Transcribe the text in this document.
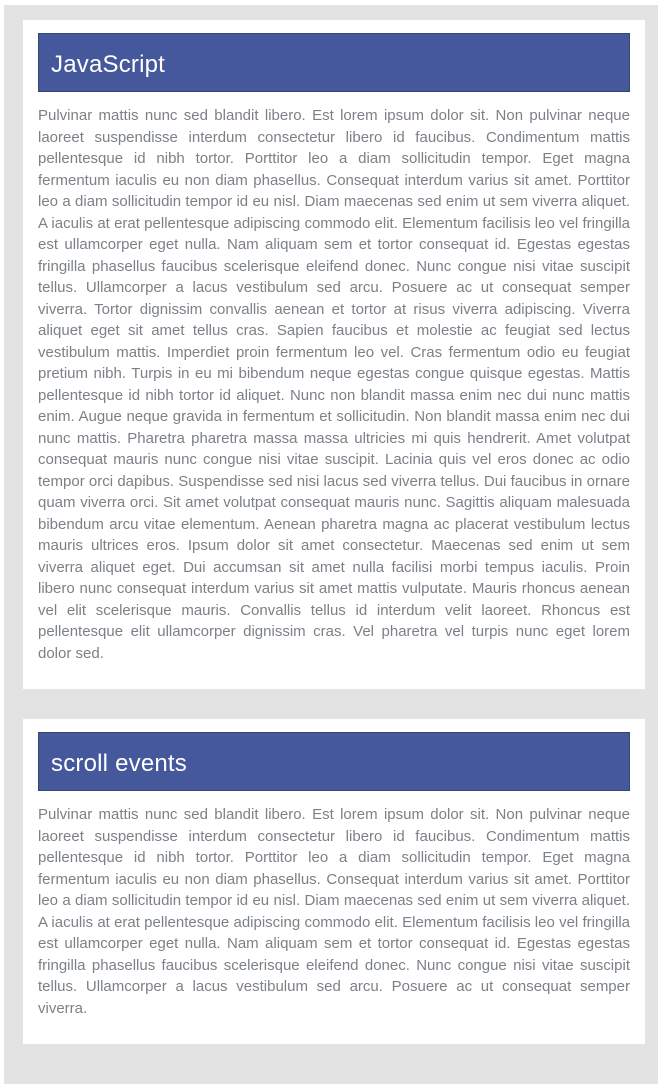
JavaScript

Pulvinar mattis nunc sed blandit libero. Est lorem ipsum dolor sit. Non pulvinar neque laoreet suspendisse interdum consectetur libero id faucibus. Condimentum mattis pellentesque id nibh tortor. Porttitor leo a diam sollicitudin tempor. Eget magna fermentum iaculis eu non diam phasellus. Consequat interdum varius sit amet. Porttitor leo a diam sollicitudin tempor id eu nisl. Diam maecenas sed enim ut sem viverra aliquet. A iaculis at erat pellentesque adipiscing commodo elit. Elementum facilisis leo vel fringilla est ullamcorper eget nulla. Nam aliquam sem et tortor consequat id. Egestas egestas fringilla phasellus faucibus scelerisque eleifend donec. Nunc congue nisi vitae suscipit tellus. Ullamcorper a lacus vestibulum sed arcu. Posuere ac ut consequat semper viverra. Tortor dignissim convallis aenean et tortor at risus viverra adipiscing. Viverra aliquet eget sit amet tellus cras. Sapien faucibus et molestie ac feugiat sed lectus vestibulum mattis. Imperdiet proin fermentum leo vel. Cras fermentum odio eu feugiat pretium nibh. Turpis in eu mi bibendum neque egestas congue quisque egestas. Mattis pellentesque id nibh tortor id aliquet. Nunc non blandit massa enim nec dui nunc mattis enim. Augue neque gravida in fermentum et sollicitudin. Non blandit massa enim nec dui nunc mattis. Pharetra pharetra massa massa ultricies mi quis hendrerit. Amet volutpat consequat mauris nunc congue nisi vitae suscipit. Lacinia quis vel eros donec ac odio tempor orci dapibus. Suspendisse sed nisi lacus sed viverra tellus. Dui faucibus in ornare quam viverra orci. Sit amet volutpat consequat mauris nunc. Sagittis aliquam malesuada bibendum arcu vitae elementum. Aenean pharetra magna ac placerat vestibulum lectus mauris ultrices eros. Ipsum dolor sit amet consectetur. Maecenas sed enim ut sem viverra aliquet eget. Dui accumsan sit amet nulla facilisi morbi tempus iaculis. Proin libero nunc consequat interdum varius sit amet mattis vulputate. Mauris rhoncus aenean vel elit scelerisque mauris. Convallis tellus id interdum velit laoreet. Rhoncus est pellentesque elit ullamcorper dignissim cras. Vel pharetra vel turpis nunc eget lorem dolor sed.

scroll events

Pulvinar mattis nunc sed blandit libero. Est lorem ipsum dolor sit. Non pulvinar neque laoreet suspendisse interdum consectetur libero id faucibus. Condimentum mattis pellentesque id nibh tortor. Porttitor leo a diam sollicitudin tempor. Eget magna fermentum iaculis eu non diam phasellus. Consequat interdum varius sit amet. Porttitor leo a diam sollicitudin tempor id eu nisl. Diam maecenas sed enim ut sem viverra aliquet. A iaculis at erat pellentesque adipiscing commodo elit. Elementum facilisis leo vel fringilla est ullamcorper eget nulla. Nam aliquam sem et tortor consequat id. Egestas egestas fringilla phasellus faucibus scelerisque eleifend donec. Nunc congue nisi vitae suscipit tellus. Ullamcorper a lacus vestibulum sed arcu. Posuere ac ut consequat semper viverra.
